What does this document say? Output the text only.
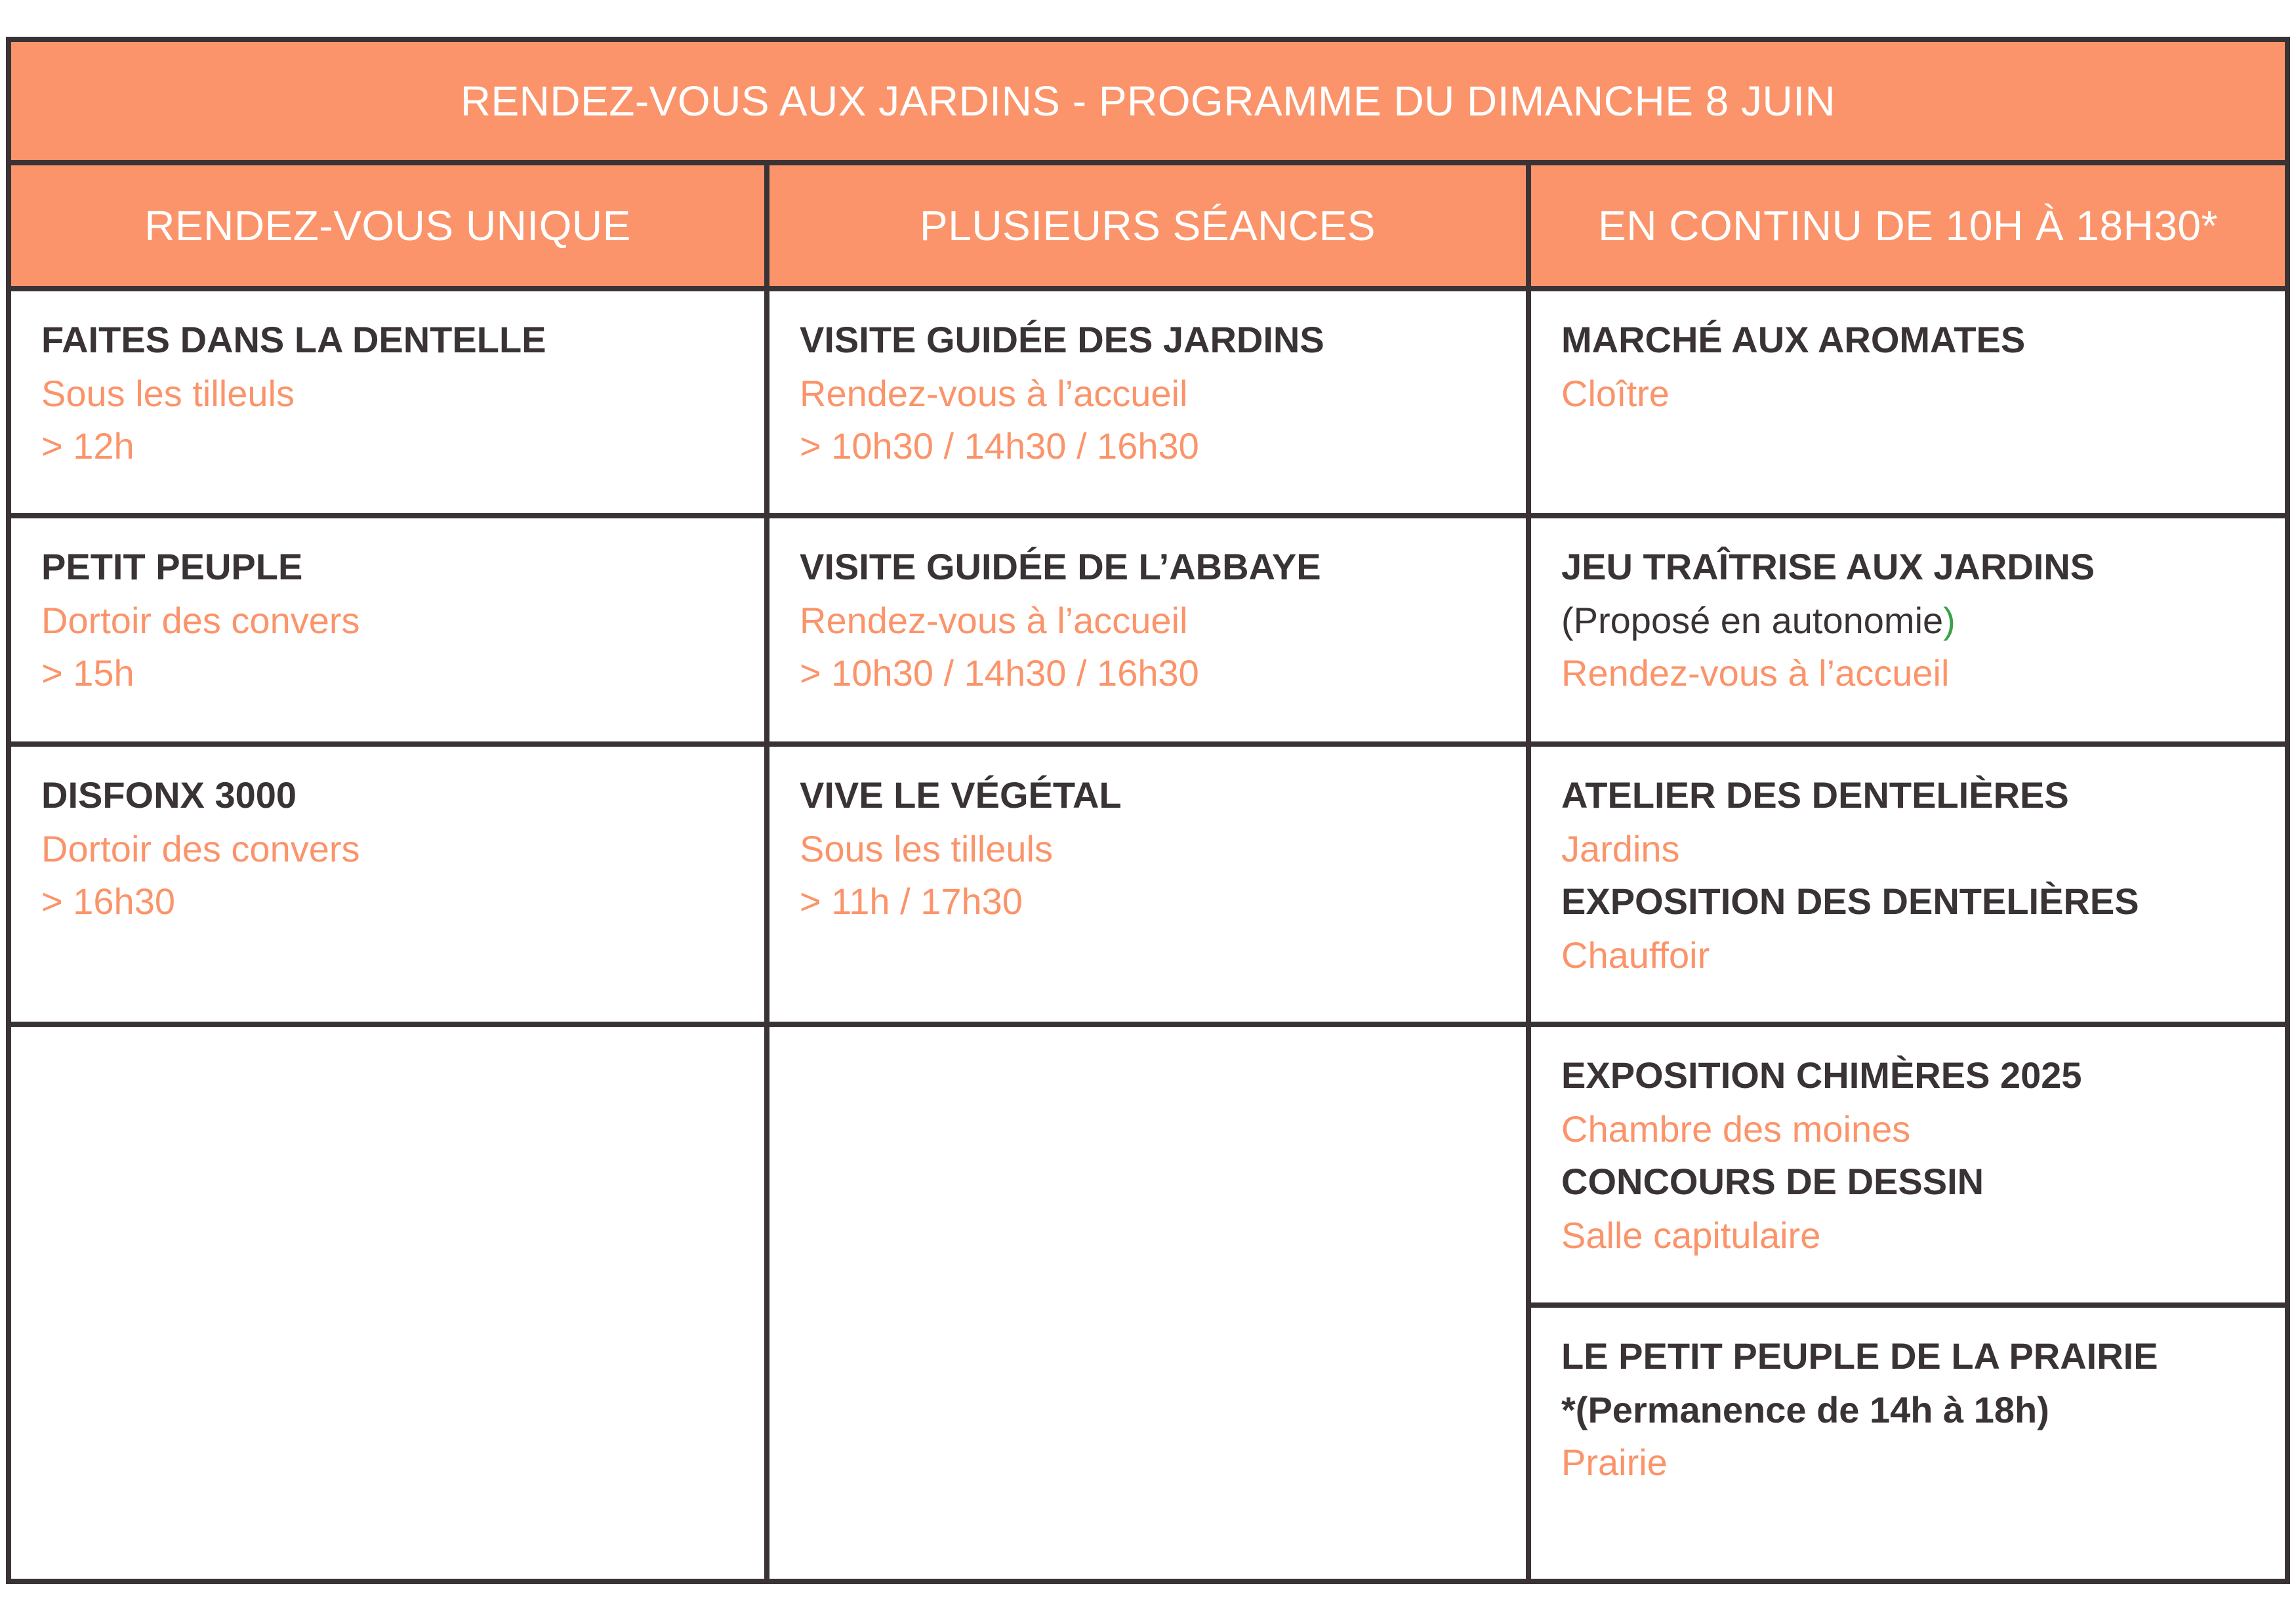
RENDEZ-VOUS AUX JARDINS - PROGRAMME DU DIMANCHE 8 JUIN
RENDEZ-VOUS UNIQUE	PLUSIEURS SÉANCES	EN CONTINU DE 10H À 18H30*
FAITES DANS LA DENTELLE
Sous les tilleuls
> 12h
PETIT PEUPLE
Dortoir des convers
> 15h
DISFONX 3000
Dortoir des convers
> 16h30
VISITE GUIDÉE DES JARDINS
Rendez-vous à l’accueil
> 10h30 / 14h30 / 16h30
VISITE GUIDÉE DE L’ABBAYE
Rendez-vous à l’accueil
> 10h30 / 14h30 / 16h30
VIVE LE VÉGÉTAL
Sous les tilleuls
> 11h / 17h30
MARCHÉ AUX AROMATES
Cloître
JEU TRAÎTRISE AUX JARDINS
(Proposé en autonomie)
Rendez-vous à l’accueil
ATELIER DES DENTELIÈRES
Jardins
EXPOSITION DES DENTELIÈRES
Chauffoir
EXPOSITION CHIMÈRES 2025
Chambre des moines
CONCOURS DE DESSIN
Salle capitulaire
LE PETIT PEUPLE DE LA PRAIRIE
*(Permanence de 14h à 18h)
Prairie
